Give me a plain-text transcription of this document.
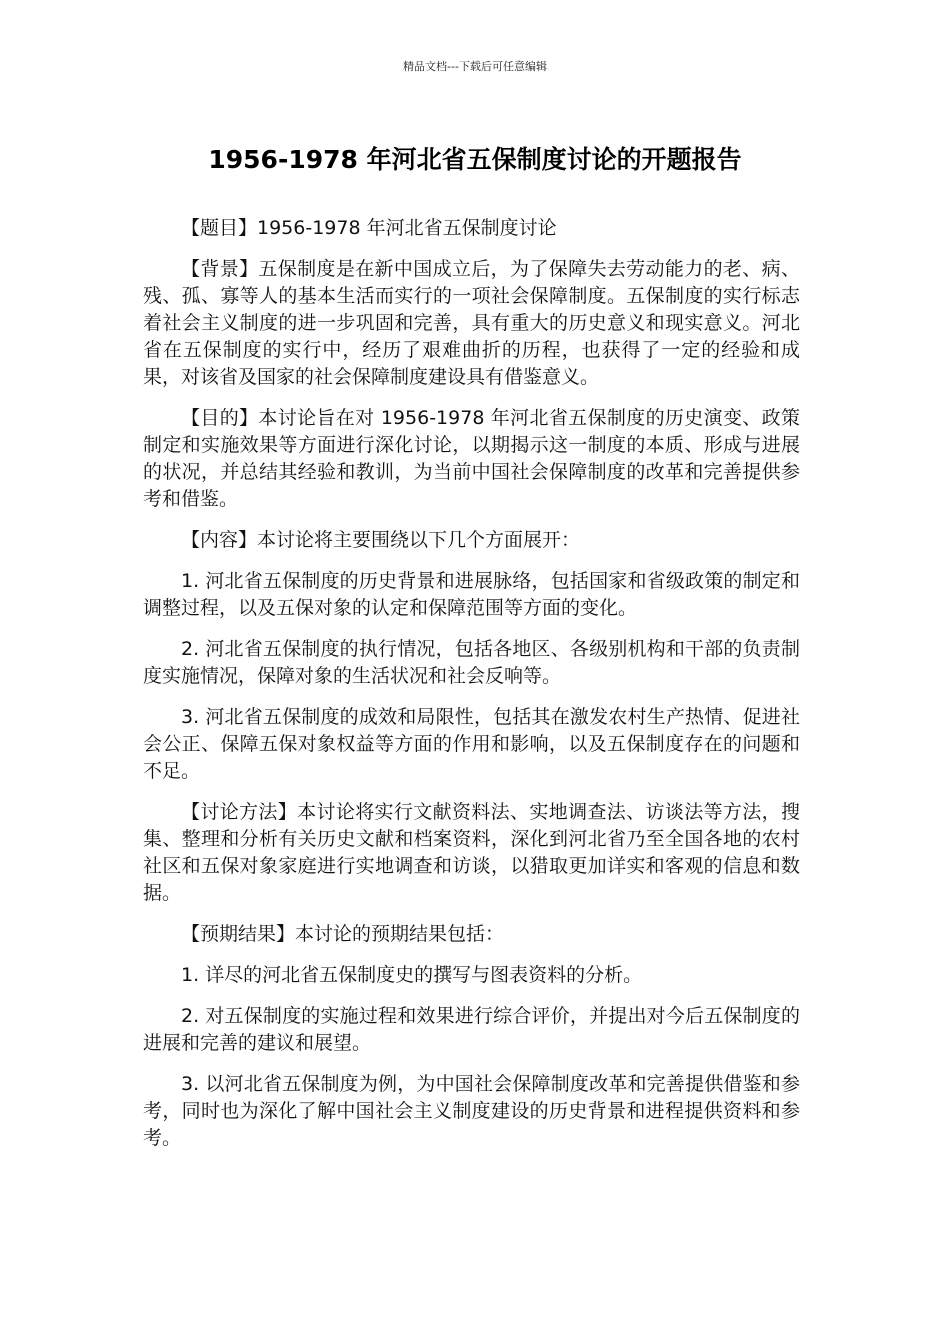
精品文档---下载后可任意编辑
1956-1978 年河北省五保制度讨论的开题报告

【题目】1956-1978 年河北省五保制度讨论

【背景】五保制度是在新中国成立后，为了保障失去劳动能力的老、病、残、孤、寡等人的基本生活而实行的一项社会保障制度。五保制度的实行标志着社会主义制度的进一步巩固和完善，具有重大的历史意义和现实意义。河北省在五保制度的实行中，经历了艰难曲折的历程，也获得了一定的经验和成果，对该省及国家的社会保障制度建设具有借鉴意义。

【目的】本讨论旨在对 1956-1978 年河北省五保制度的历史演变、政策制定和实施效果等方面进行深化讨论，以期揭示这一制度的本质、形成与进展的状况，并总结其经验和教训，为当前中国社会保障制度的改革和完善提供参考和借鉴。

【内容】本讨论将主要围绕以下几个方面展开：

1. 河北省五保制度的历史背景和进展脉络，包括国家和省级政策的制定和调整过程，以及五保对象的认定和保障范围等方面的变化。

2. 河北省五保制度的执行情况，包括各地区、各级别机构和干部的负责制度实施情况，保障对象的生活状况和社会反响等。

3. 河北省五保制度的成效和局限性，包括其在激发农村生产热情、促进社会公正、保障五保对象权益等方面的作用和影响，以及五保制度存在的问题和不足。

【讨论方法】本讨论将实行文献资料法、实地调查法、访谈法等方法，搜集、整理和分析有关历史文献和档案资料，深化到河北省乃至全国各地的农村社区和五保对象家庭进行实地调查和访谈，以猎取更加详实和客观的信息和数据。

【预期结果】本讨论的预期结果包括：

1. 详尽的河北省五保制度史的撰写与图表资料的分析。

2. 对五保制度的实施过程和效果进行综合评价，并提出对今后五保制度的进展和完善的建议和展望。

3. 以河北省五保制度为例，为中国社会保障制度改革和完善提供借鉴和参考，同时也为深化了解中国社会主义制度建设的历史背景和进程提供资料和参考。
